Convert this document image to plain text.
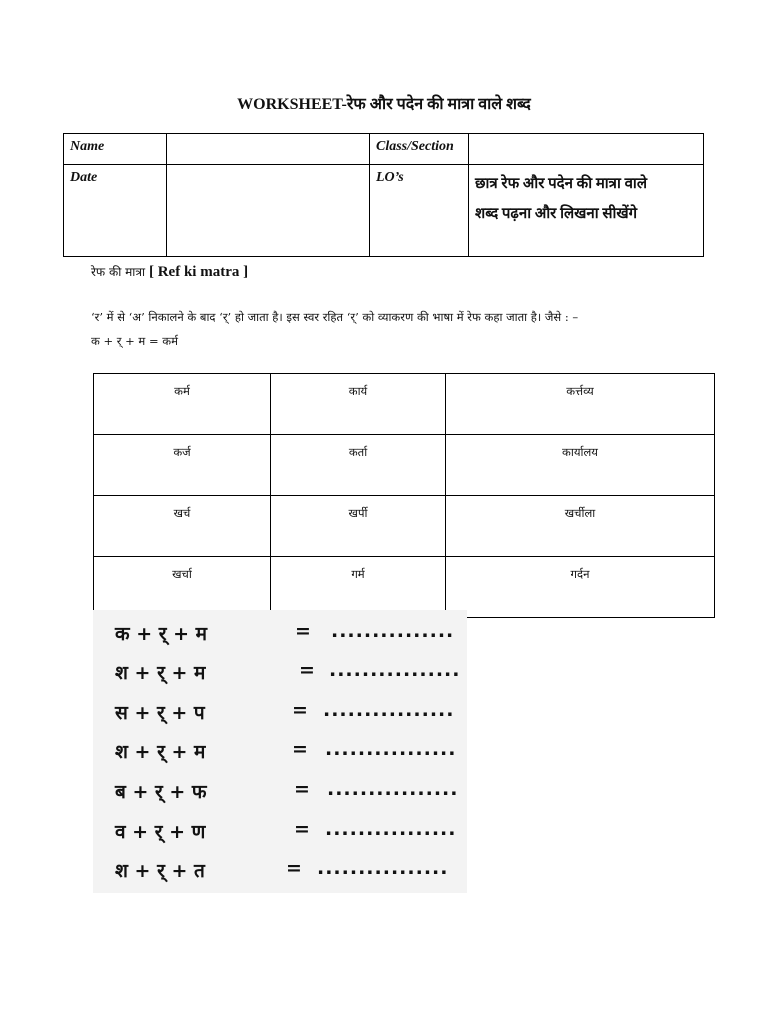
WORKSHEET-रेफ और पदेन की मात्रा वाले शब्द
Name		Class/Section	
Date		LO’s	छात्र रेफ और पदेन की मात्रा वाले
शब्द पढ़ना और लिखना सीखेंगे
रेफ की मात्रा [ Ref ki matra ]
‘र’ में से ‘अ’ निकालने के बाद ‘र्’ हो जाता है। इस स्वर रहित ‘र्’ को व्याकरण की भाषा में रेफ कहा जाता है। जैसे : –
क + र् + म = कर्म
कर्म	कार्य	कर्त्तव्य
कर्ज	कर्ता	कार्यालय
खर्च	खर्पी	खर्चीला
खर्चा	गर्म	गर्दन
क + र् + म	= ...............
श + र् + म	= ................
स + र् + प	= ................
श + र् + म	= ................
ब + र् + फ	= ................
व + र् + ण	= ................
श + र् + त	= ................
